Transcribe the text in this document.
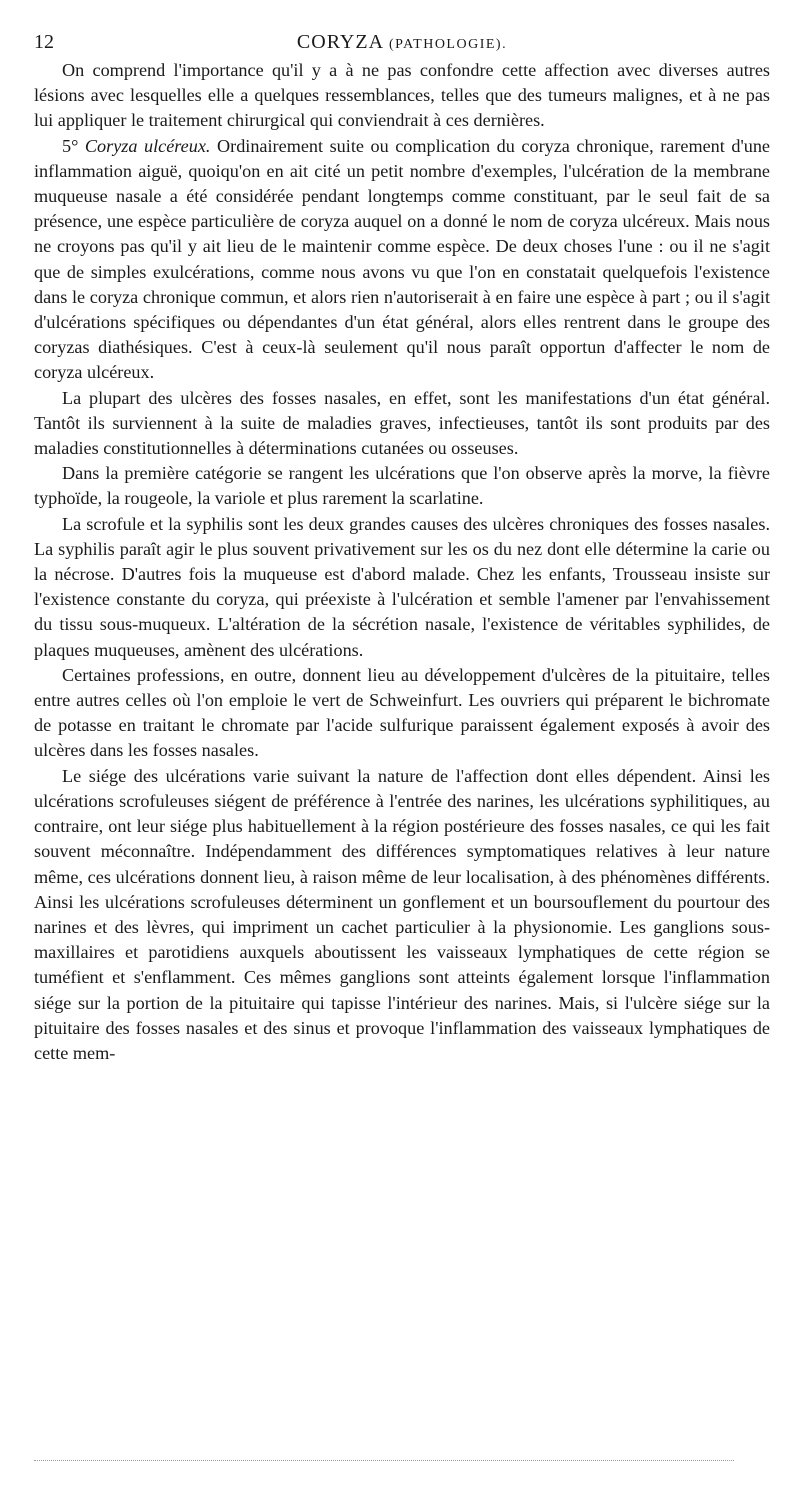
12	CORYZA (PATHOLOGIE).

On comprend l'importance qu'il y a à ne pas confondre cette affection avec diverses autres lésions avec lesquelles elle a quelques ressemblances, telles que des tumeurs malignes, et à ne pas lui appliquer le traitement chirurgical qui conviendrait à ces dernières.

5° Coryza ulcéreux. Ordinairement suite ou complication du coryza chronique, rarement d'une inflammation aiguë, quoiqu'on en ait cité un petit nombre d'exemples, l'ulcération de la membrane muqueuse nasale a été considérée pendant longtemps comme constituant, par le seul fait de sa présence, une espèce particulière de coryza auquel on a donné le nom de coryza ulcéreux. Mais nous ne croyons pas qu'il y ait lieu de le maintenir comme espèce. De deux choses l'une : ou il ne s'agit que de simples exulcérations, comme nous avons vu que l'on en constatait quelquefois l'existence dans le coryza chronique commun, et alors rien n'autoriserait à en faire une espèce à part ; ou il s'agit d'ulcérations spécifiques ou dépendantes d'un état général, alors elles rentrent dans le groupe des coryzas diathésiques. C'est à ceux-là seulement qu'il nous paraît opportun d'affecter le nom de coryza ulcéreux.

La plupart des ulcères des fosses nasales, en effet, sont les manifestations d'un état général. Tantôt ils surviennent à la suite de maladies graves, infectieuses, tantôt ils sont produits par des maladies constitutionnelles à déterminations cutanées ou osseuses.

Dans la première catégorie se rangent les ulcérations que l'on observe après la morve, la fièvre typhoïde, la rougeole, la variole et plus rarement la scarlatine.

La scrofule et la syphilis sont les deux grandes causes des ulcères chroniques des fosses nasales. La syphilis paraît agir le plus souvent privativement sur les os du nez dont elle détermine la carie ou la nécrose. D'autres fois la muqueuse est d'abord malade. Chez les enfants, Trousseau insiste sur l'existence constante du coryza, qui préexiste à l'ulcération et semble l'amener par l'envahissement du tissu sous-muqueux. L'altération de la sécrétion nasale, l'existence de véritables syphilides, de plaques muqueuses, amènent des ulcérations.

Certaines professions, en outre, donnent lieu au développement d'ulcères de la pituitaire, telles entre autres celles où l'on emploie le vert de Schweinfurt. Les ouvriers qui préparent le bichromate de potasse en traitant le chromate par l'acide sulfurique paraissent également exposés à avoir des ulcères dans les fosses nasales.

Le siége des ulcérations varie suivant la nature de l'affection dont elles dépendent. Ainsi les ulcérations scrofuleuses siégent de préférence à l'entrée des narines, les ulcérations syphilitiques, au contraire, ont leur siége plus habituellement à la région postérieure des fosses nasales, ce qui les fait souvent méconnaître. Indépendamment des différences symptomatiques relatives à leur nature même, ces ulcérations donnent lieu, à raison même de leur localisation, à des phénomènes différents. Ainsi les ulcérations scrofuleuses déterminent un gonflement et un boursouflement du pourtour des narines et des lèvres, qui impriment un cachet particulier à la physionomie. Les ganglions sous-maxillaires et parotidiens auxquels aboutissent les vaisseaux lymphatiques de cette région se tuméfient et s'enflamment. Ces mêmes ganglions sont atteints également lorsque l'inflammation siége sur la portion de la pituitaire qui tapisse l'intérieur des narines. Mais, si l'ulcère siége sur la pituitaire des fosses nasales et des sinus et provoque l'inflammation des vaisseaux lymphatiques de cette mem-
